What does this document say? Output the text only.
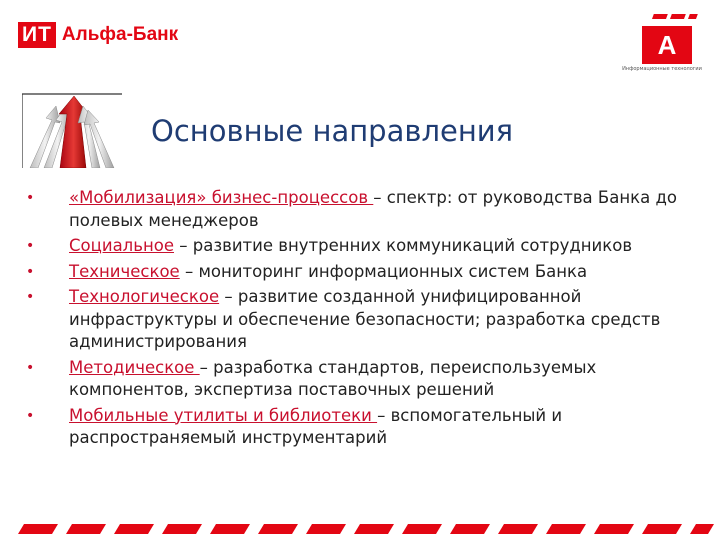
ИТ Альфа-Банк	А
Информационные технологии
Основные направления
• «Мобилизация» бизнес-процессов – спектр: от руководства Банка до полевых менеджеров
• Социальное – развитие внутренних коммуникаций сотрудников
• Техническое – мониторинг информационных систем Банка
• Технологическое – развитие созданной унифицированной инфраструктуры и обеспечение безопасности; разработка средств администрирования
• Методическое – разработка стандартов, переиспользуемых компонентов, экспертиза поставочных решений
• Мобильные утилиты и библиотеки – вспомогательный и распространяемый инструментарий
